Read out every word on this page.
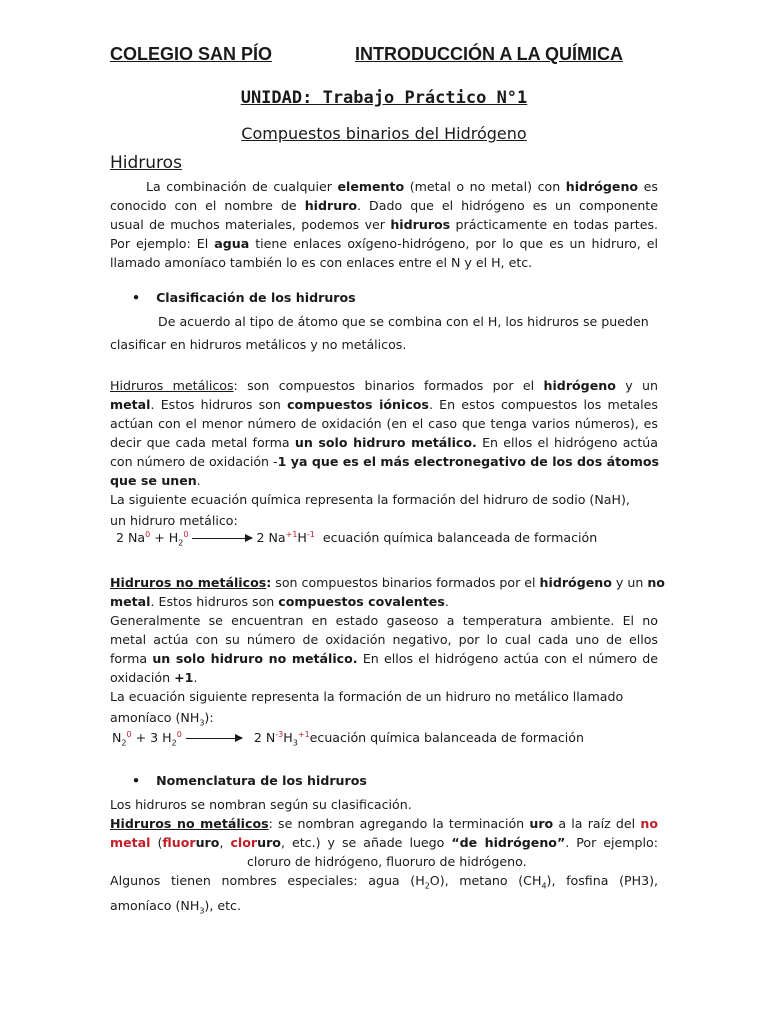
COLEGIO SAN PÍO	INTRODUCCIÓN A LA QUÍMICA
UNIDAD: Trabajo Práctico N°1
Compuestos binarios del Hidrógeno
Hidruros
La combinación de cualquier elemento (metal o no metal) con hidrógeno es
conocido con el nombre de hidruro. Dado que el hidrógeno es un componente
usual de muchos materiales, podemos ver hidruros prácticamente en todas partes.
Por ejemplo: El agua tiene enlaces oxígeno-hidrógeno, por lo que es un hidruro, el
llamado amoníaco también lo es con enlaces entre el N y el H, etc.
• Clasificación de los hidruros
De acuerdo al tipo de átomo que se combina con el H, los hidruros se pueden
clasificar en hidruros metálicos y no metálicos.
Hidruros metálicos: son compuestos binarios formados por el hidrógeno y un
metal. Estos hidruros son compuestos iónicos. En estos compuestos los metales
actúan con el menor número de oxidación (en el caso que tenga varios números), es
decir que cada metal forma un solo hidruro metálico. En ellos el hidrógeno actúa
con número de oxidación -1 ya que es el más electronegativo de los dos átomos
que se unen.
La siguiente ecuación química representa la formación del hidruro de sodio (NaH),
un hidruro metálico:
2 $Na^0 + H_2^0$	2 $Na^{+1}H^{-1}$ ecuación química balanceada de formación
Hidruros no metálicos: son compuestos binarios formados por el hidrógeno y un no
metal. Estos hidruros son compuestos covalentes.
Generalmente se encuentran en estado gaseoso a temperatura ambiente. El no
metal actúa con su número de oxidación negativo, por lo cual cada uno de ellos
forma un solo hidruro no metálico. En ellos el hidrógeno actúa con el número de
oxidación +1.
La ecuación siguiente representa la formación de un hidruro no metálico llamado
amoníaco $(NH_3)$:
$N_2^0 + 3$ $H_2^0$	2 $N^{-3}H_3^{+1}ecuación$ química balanceada de formación
• Nomenclatura de los hidruros
Los hidruros se nombran según su clasificación.
Hidruros no metálicos: se nombran agregando la terminación uro a la raíz del no
metal (fluoruro, cloruro, etc.) y se añade luego “de hidrógeno”. Por ejemplo:
cloruro de hidrógeno, fluoruro de hidrógeno.
Algunos tienen nombres especiales: agua $(H_2O)$, metano $(CH_4)$, fosfina (PH3),
amoníaco $(NH_3)$, etc.
